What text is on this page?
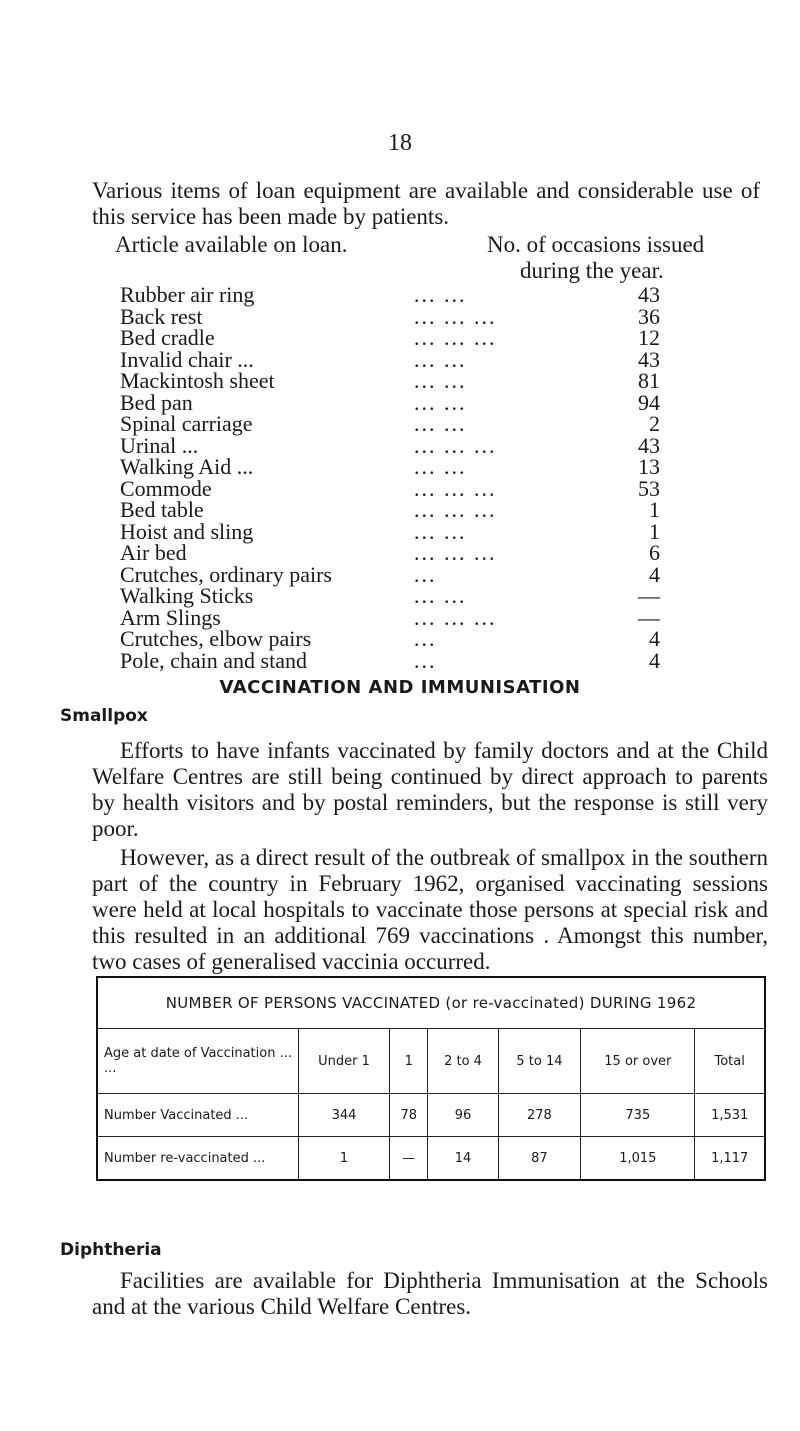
18
Various items of loan equipment are available and considerable use of this service has been made by patients.
Article available on loan.	No. of occasions issued
during the year.
Rubber air ring	... ...	43
Back rest	... ... ...	36
Bed cradle	... ... ...	12
Invalid chair ...	... ...	43
Mackintosh sheet	... ...	81
Bed pan	... ...	94
Spinal carriage	... ...	2
Urinal ...	... ... ...	43
Walking Aid ...	... ...	13
Commode	... ... ...	53
Bed table	... ... ...	1
Hoist and sling	... ...	1
Air bed	... ... ...	6
Crutches, ordinary pairs	...	4
Walking Sticks	... ...	—
Arm Slings	... ... ...	—
Crutches, elbow pairs	...	4
Pole, chain and stand	...	4
VACCINATION AND IMMUNISATION
Smallpox
Efforts to have infants vaccinated by family doctors and at the Child Welfare Centres are still being continued by direct approach to parents by health visitors and by postal reminders, but the response is still very poor.
However, as a direct result of the outbreak of smallpox in the southern part of the country in February 1962, organised vaccinating sessions were held at local hospitals to vaccinate those persons at special risk and this resulted in an additional 769 vaccinations . Amongst this number, two cases of generalised vaccinia occurred.
NUMBER OF PERSONS VACCINATED (or re-vaccinated) DURING 1962						
Age at date of Vaccination ... ...	Under 1	1	2 to 4	5 to 14	15 or over	Total
Number Vaccinated ...	344	78	96	278	735	1,531
Number re-vaccinated ...	1	—	14	87	1,015	1,117
Diphtheria
Facilities are available for Diphtheria Immunisation at the Schools and at the various Child Welfare Centres.
